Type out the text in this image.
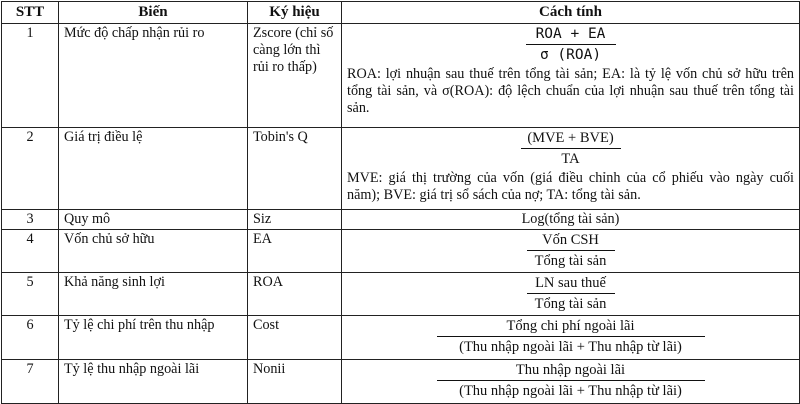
STT	Biến	Ký hiệu	Cách tính
1	Mức độ chấp nhận rủi ro	Zscore (chỉ số càng lớn thì rủi ro thấp)	ROA + EA
σ (ROA)
ROA: lợi nhuận sau thuế trên tổng tài sản; EA: là tỷ lệ vốn chủ sở hữu trên tổng tài sản, và σ(ROA): độ lệch chuẩn của lợi nhuận sau thuế trên tổng tài sản.

2	Giá trị điều lệ	Tobin's Q	(MVE + BVE)
TA
MVE: giá thị trường của vốn (giá điều chỉnh của cổ phiếu vào ngày cuối năm); BVE: giá trị sổ sách của nợ; TA: tổng tài sản.

3	Quy mô	Siz	Log(tổng tài sản)

4	Vốn chủ sở hữu	EA	Vốn CSH
Tổng tài sản

5	Khả năng sinh lợi	ROA	LN sau thuế
Tổng tài sản

6	Tỷ lệ chi phí trên thu nhập	Cost	Tổng chi phí ngoài lãi
(Thu nhập ngoài lãi + Thu nhập từ lãi)

7	Tỷ lệ thu nhập ngoài lãi	Nonii	Thu nhập ngoài lãi
(Thu nhập ngoài lãi + Thu nhập từ lãi)
